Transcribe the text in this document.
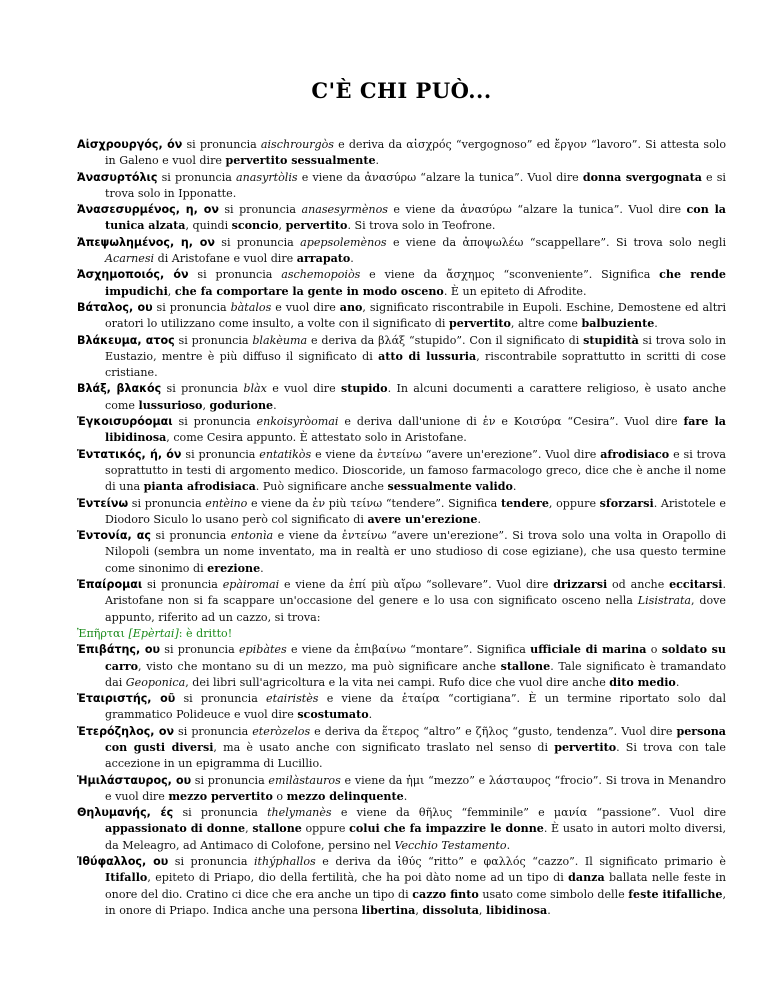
C'È CHI PUÒ...

Αἰσχρουργός, όν si pronuncia aischrourgòs e deriva da αἰσχρός “vergognoso” ed ἔργον “lavoro”. Si attesta solo in Galeno e vuol dire pervertito sessualmente.

Ἀνασυρτόλις si pronuncia anasyrtòlis e viene da ἀνασύρω “alzare la tunica”. Vuol dire donna svergognata e si trova solo in Ipponatte.

Ἀνασεσυρμένος, η, ον si pronuncia anasesyrmènos e viene da ἀνασύρω “alzare la tunica”. Vuol dire con la tunica alzata, quindi sconcio, pervertito. Si trova solo in Teofrone.

Ἀπεψωλημένος, η, ον si pronuncia apepsolemènos e viene da ἀποψωλέω “scappellare”. Si trova solo negli Acarnesi di Aristofane e vuol dire arrapato.

Ἀσχημοποιός, όν si pronuncia aschemopoiòs e viene da ἄσχημος “sconveniente”. Significa che rende impudichi, che fa comportare la gente in modo osceno. È un epiteto di Afrodite.

Βάταλος, ου si pronuncia bàtalos e vuol dire ano, significato riscontrabile in Eupoli. Eschine, Demostene ed altri oratori lo utilizzano come insulto, a volte con il significato di pervertito, altre come balbuziente.

Βλάκευμα, ατος si pronuncia blakèuma e deriva da βλάξ “stupido”. Con il significato di stupidità si trova solo in Eustazio, mentre è più diffuso il significato di atto di lussuria, riscontrabile soprattutto in scritti di cose cristiane.

Βλάξ, βλακός si pronuncia blàx e vuol dire stupido. In alcuni documenti a carattere religioso, è usato anche come lussurioso, godurione.

Ἐγκοισυρόομαι si pronuncia enkoisyròomai e deriva dall'unione di ἐν e Κοισύρα “Cesira”. Vuol dire fare la libidinosa, come Cesira appunto. È attestato solo in Aristofane.

Ἐντατικός, ή, όν si pronuncia entatikòs e viene da ἐντείνω “avere un'erezione”. Vuol dire afrodisiaco e si trova soprattutto in testi di argomento medico. Dioscoride, un famoso farmacologo greco, dice che è anche il nome di una pianta afrodisiaca. Può significare anche sessualmente valido.

Ἐντείνω si pronuncia entèino e viene da ἐν più τείνω “tendere”. Significa tendere, oppure sforzarsi. Aristotele e Diodoro Siculo lo usano però col significato di avere un'erezione.

Ἐντονία, ας si pronuncia entonìa e viene da ἐντείνω “avere un'erezione”. Si trova solo una volta in Orapollo di Nilopoli (sembra un nome inventato, ma in realtà er uno studioso di cose egiziane), che usa questo termine come sinonimo di erezione.

Ἐπαίρομαι si pronuncia epàiromai e viene da ἐπί più αἴρω “sollevare”. Vuol dire drizzarsi od anche eccitarsi. Aristofane non si fa scappare un'occasione del genere e lo usa con significato osceno nella Lisistrata, dove appunto, riferito ad un cazzo, si trova:

Ἐπῆρται [Epèrtai]: è dritto!

Ἐπιβάτης, ου si pronuncia epibàtes e viene da ἐπιβαίνω “montare”. Significa ufficiale di marina o soldato su carro, visto che montano su di un mezzo, ma può significare anche stallone. Tale significato è tramandato dai Geoponica, dei libri sull'agricoltura e la vita nei campi. Rufo dice che vuol dire anche dito medio.

Ἑταιριστής, οῦ si pronuncia etairistès e viene da ἑταίρα “cortigiana”. È un termine riportato solo dal grammatico Polideuce e vuol dire scostumato.

Ἑτερόζηλος, ον si pronuncia eteròzelos e deriva da ἕτερος “altro” e ζῆλος “gusto, tendenza”. Vuol dire persona con gusti diversi, ma è usato anche con significato traslato nel senso di pervertito. Si trova con tale accezione in un epigramma di Lucillio.

Ἡμιλάσταυρος, ου si pronuncia emilàstauros e viene da ἡμι “mezzo” e λάσταυρος “frocio”. Si trova in Menandro e vuol dire mezzo pervertito o mezzo delinquente.

Θηλυμανής, ές si pronuncia thelymanès e viene da θῆλυς “femminile” e μανία “passione”. Vuol dire appassionato di donne, stallone oppure colui che fa impazzire le donne. È usato in autori molto diversi, da Meleagro, ad Antimaco di Colofone, persino nel Vecchio Testamento.

Ἰθύφαλλος, ου si pronuncia ithýphallos e deriva da ἰθύς “ritto” e φαλλός “cazzo”. Il significato primario è Itifallo, epiteto di Priapo, dio della fertilità, che ha poi dàto nome ad un tipo di danza ballata nelle feste in onore del dio. Cratino ci dice che era anche un tipo di cazzo finto usato come simbolo delle feste itifalliche, in onore di Priapo. Indica anche una persona libertina, dissoluta, libidinosa.
